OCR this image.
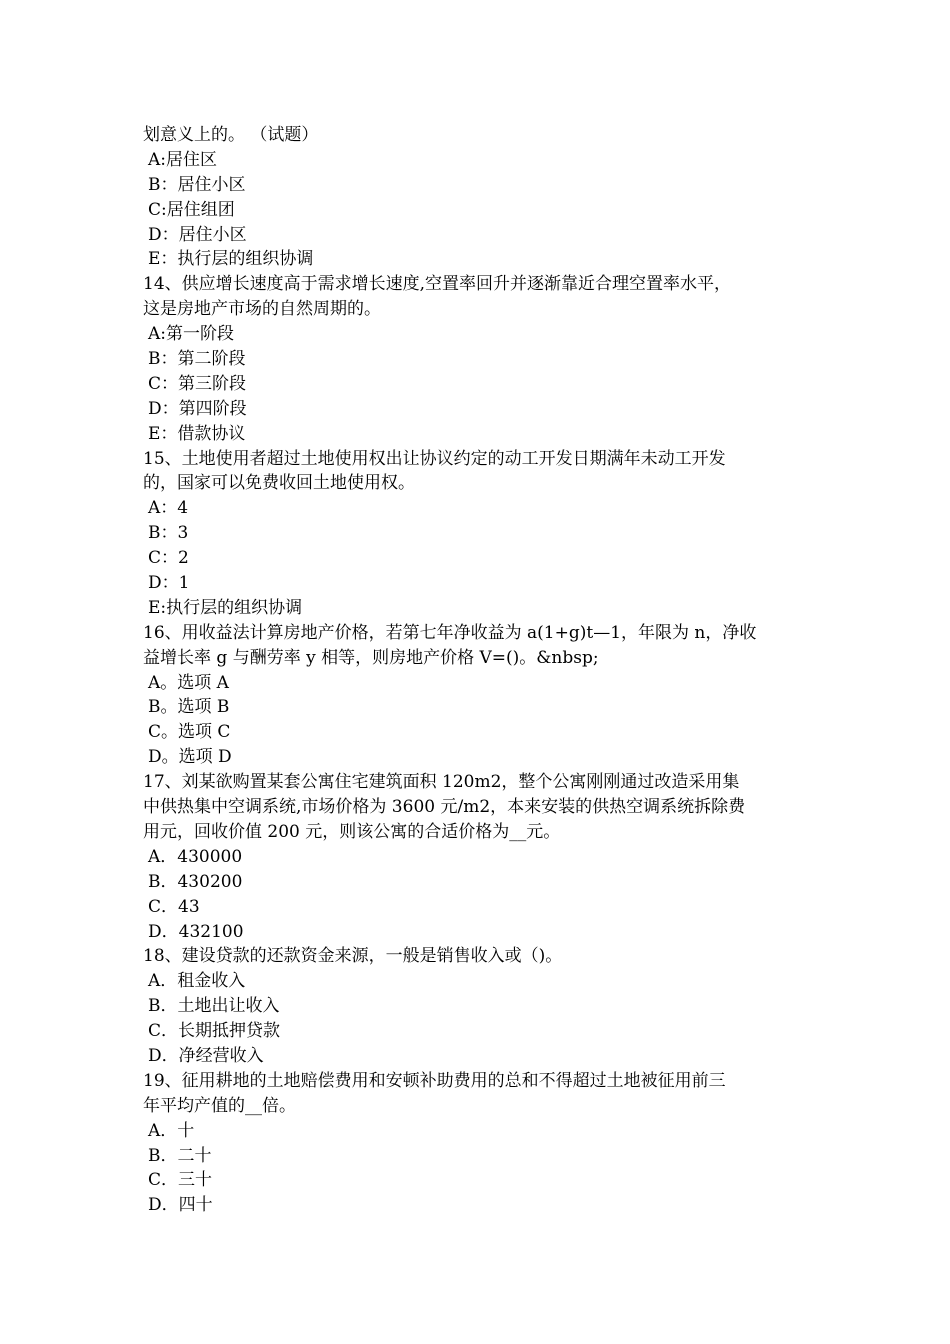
划意义上的。 （试题）
A:居住区
B：居住小区
C:居住组团
D：居住小区
E：执行层的组织协调
14、供应增长速度高于需求增长速度,空置率回升并逐渐靠近合理空置率水平，
这是房地产市场的自然周期的。
A:第一阶段
B：第二阶段
C：第三阶段
D：第四阶段
E：借款协议
15、土地使用者超过土地使用权出让协议约定的动工开发日期满年未动工开发
的，国家可以免费收回土地使用权。
A：4
B：3
C：2
D：1
E:执行层的组织协调
16、用收益法计算房地产价格，若第七年净收益为 a(1+g)t—1，年限为 n，净收
益增长率 g 与酬劳率 y 相等，则房地产价格 V=()。&nbsp;
A。选项 A
B。选项 B
C。选项 C
D。选项 D
17、刘某欲购置某套公寓住宅建筑面积 120m2，整个公寓刚刚通过改造采用集
中供热集中空调系统,市场价格为 3600 元/m2，本来安装的供热空调系统拆除费
用元，回收价值 200 元，则该公寓的合适价格为__元。
A．430000
B．430200
C．43
D．432100
18、建设贷款的还款资金来源，一般是销售收入或（)。
A．租金收入
B．土地出让收入
C．长期抵押贷款
D．净经营收入
19、征用耕地的土地赔偿费用和安顿补助费用的总和不得超过土地被征用前三
年平均产值的__倍。
A．十
B．二十
C．三十
D．四十
